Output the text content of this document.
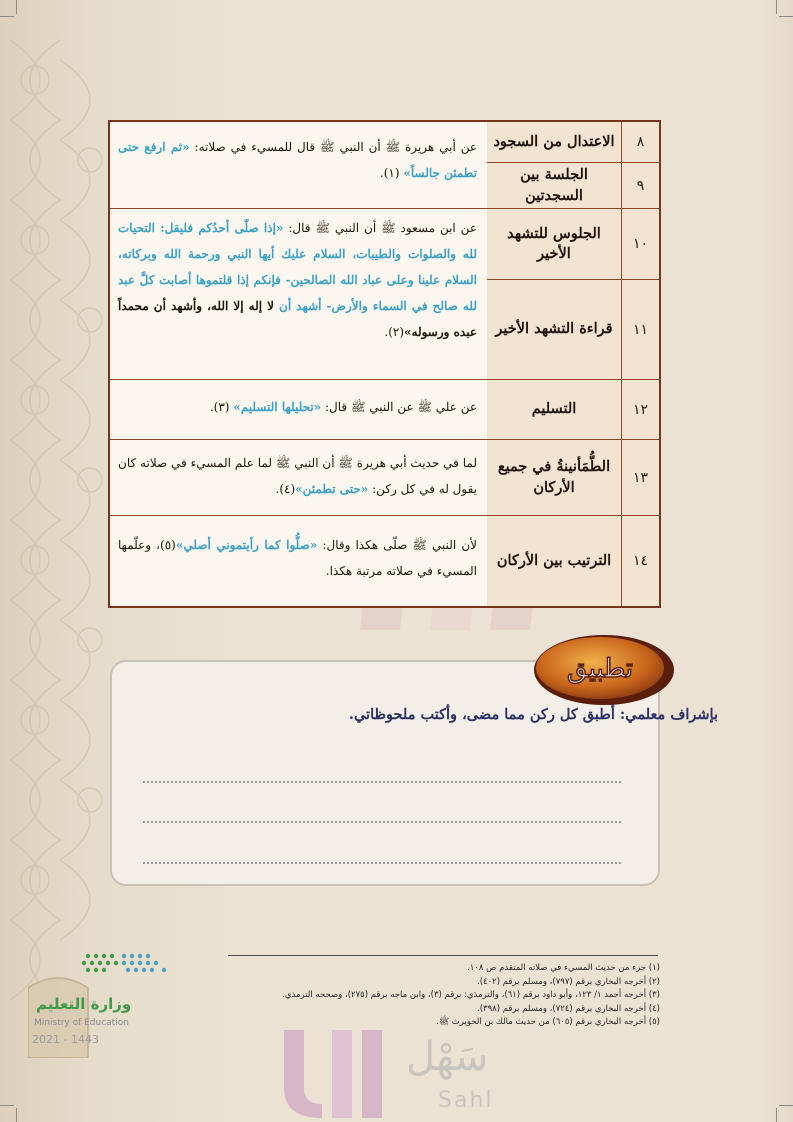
٨
٩
١٠
١١
١٢
١٣
١٤
الاعتدال من السجود
الجلسة بين السجدتين
الجلوس للتشهد الأخير
قراءة التشهد الأخير
التسليم
الطُّمَأنينةُ في جميع الأركان
الترتيب بين الأركان
عن أبي هريرة ﷺ أن النبي ﷺ قال للمسيء في صلاته: «ثم ارفع حتى تطمئن جالساً» (١).
عن ابن مسعود ﷺ أن النبي ﷺ قال: «إذا صلّى أحدُكم فليقل: التحيات لله والصلوات والطيبات، السلام عليك أيها النبي ورحمة الله وبركاته، السلام علينا وعلى عباد الله الصالحين- فإنكم إذا قلتموها أصابت كلَّ عبد لله صالح في السماء والأرض- أشهد أن لا إله إلا الله، وأشهد أن محمداً عبده ورسوله»(٢).
عن علي ﷺ عن النبي ﷺ قال: «تحليلها التسليم» (٣).
لما في حديث أبي هريرة ﷺ أن النبي ﷺ لما علم المسيء في صلاته كان يقول له في كل ركن: «حتى تطمئن»(٤).
لأن النبي ﷺ صلّى هكذا وقال: «صلُّوا كما رأيتموني أصلي»(٥)، وعلّمها المسيء في صلاته مرتبة هكذا.
تطبيق
بإشراف معلمي: أطبق كل ركن مما مضى، وأكتب ملحوظاتي.
(١) جزء من حديث المسيء في صلاته المتقدم ص ١٠٨.
(٢) أخرجه البخاري برقم (٧٩٧)، ومسلم برقم (٤٠٢).
(٣) أخرجه أحمد ١/ ١٢٣، وأبو داود برقم (٦١)، والترمذي: برقم (٣)، وابن ماجه برقم (٢٧٥)، وصححه الترمذي.
(٤) أخرجه البخاري برقم (٧٢٤)، ومسلم برقم (٣٩٨).
(٥) أخرجه البخاري برقم (٦٠٥) من حديث مالك بن الحويرث ﷺ.
وزارة التعليم
Ministry of Education
2021 - 1443	سَهْل
Sahl
